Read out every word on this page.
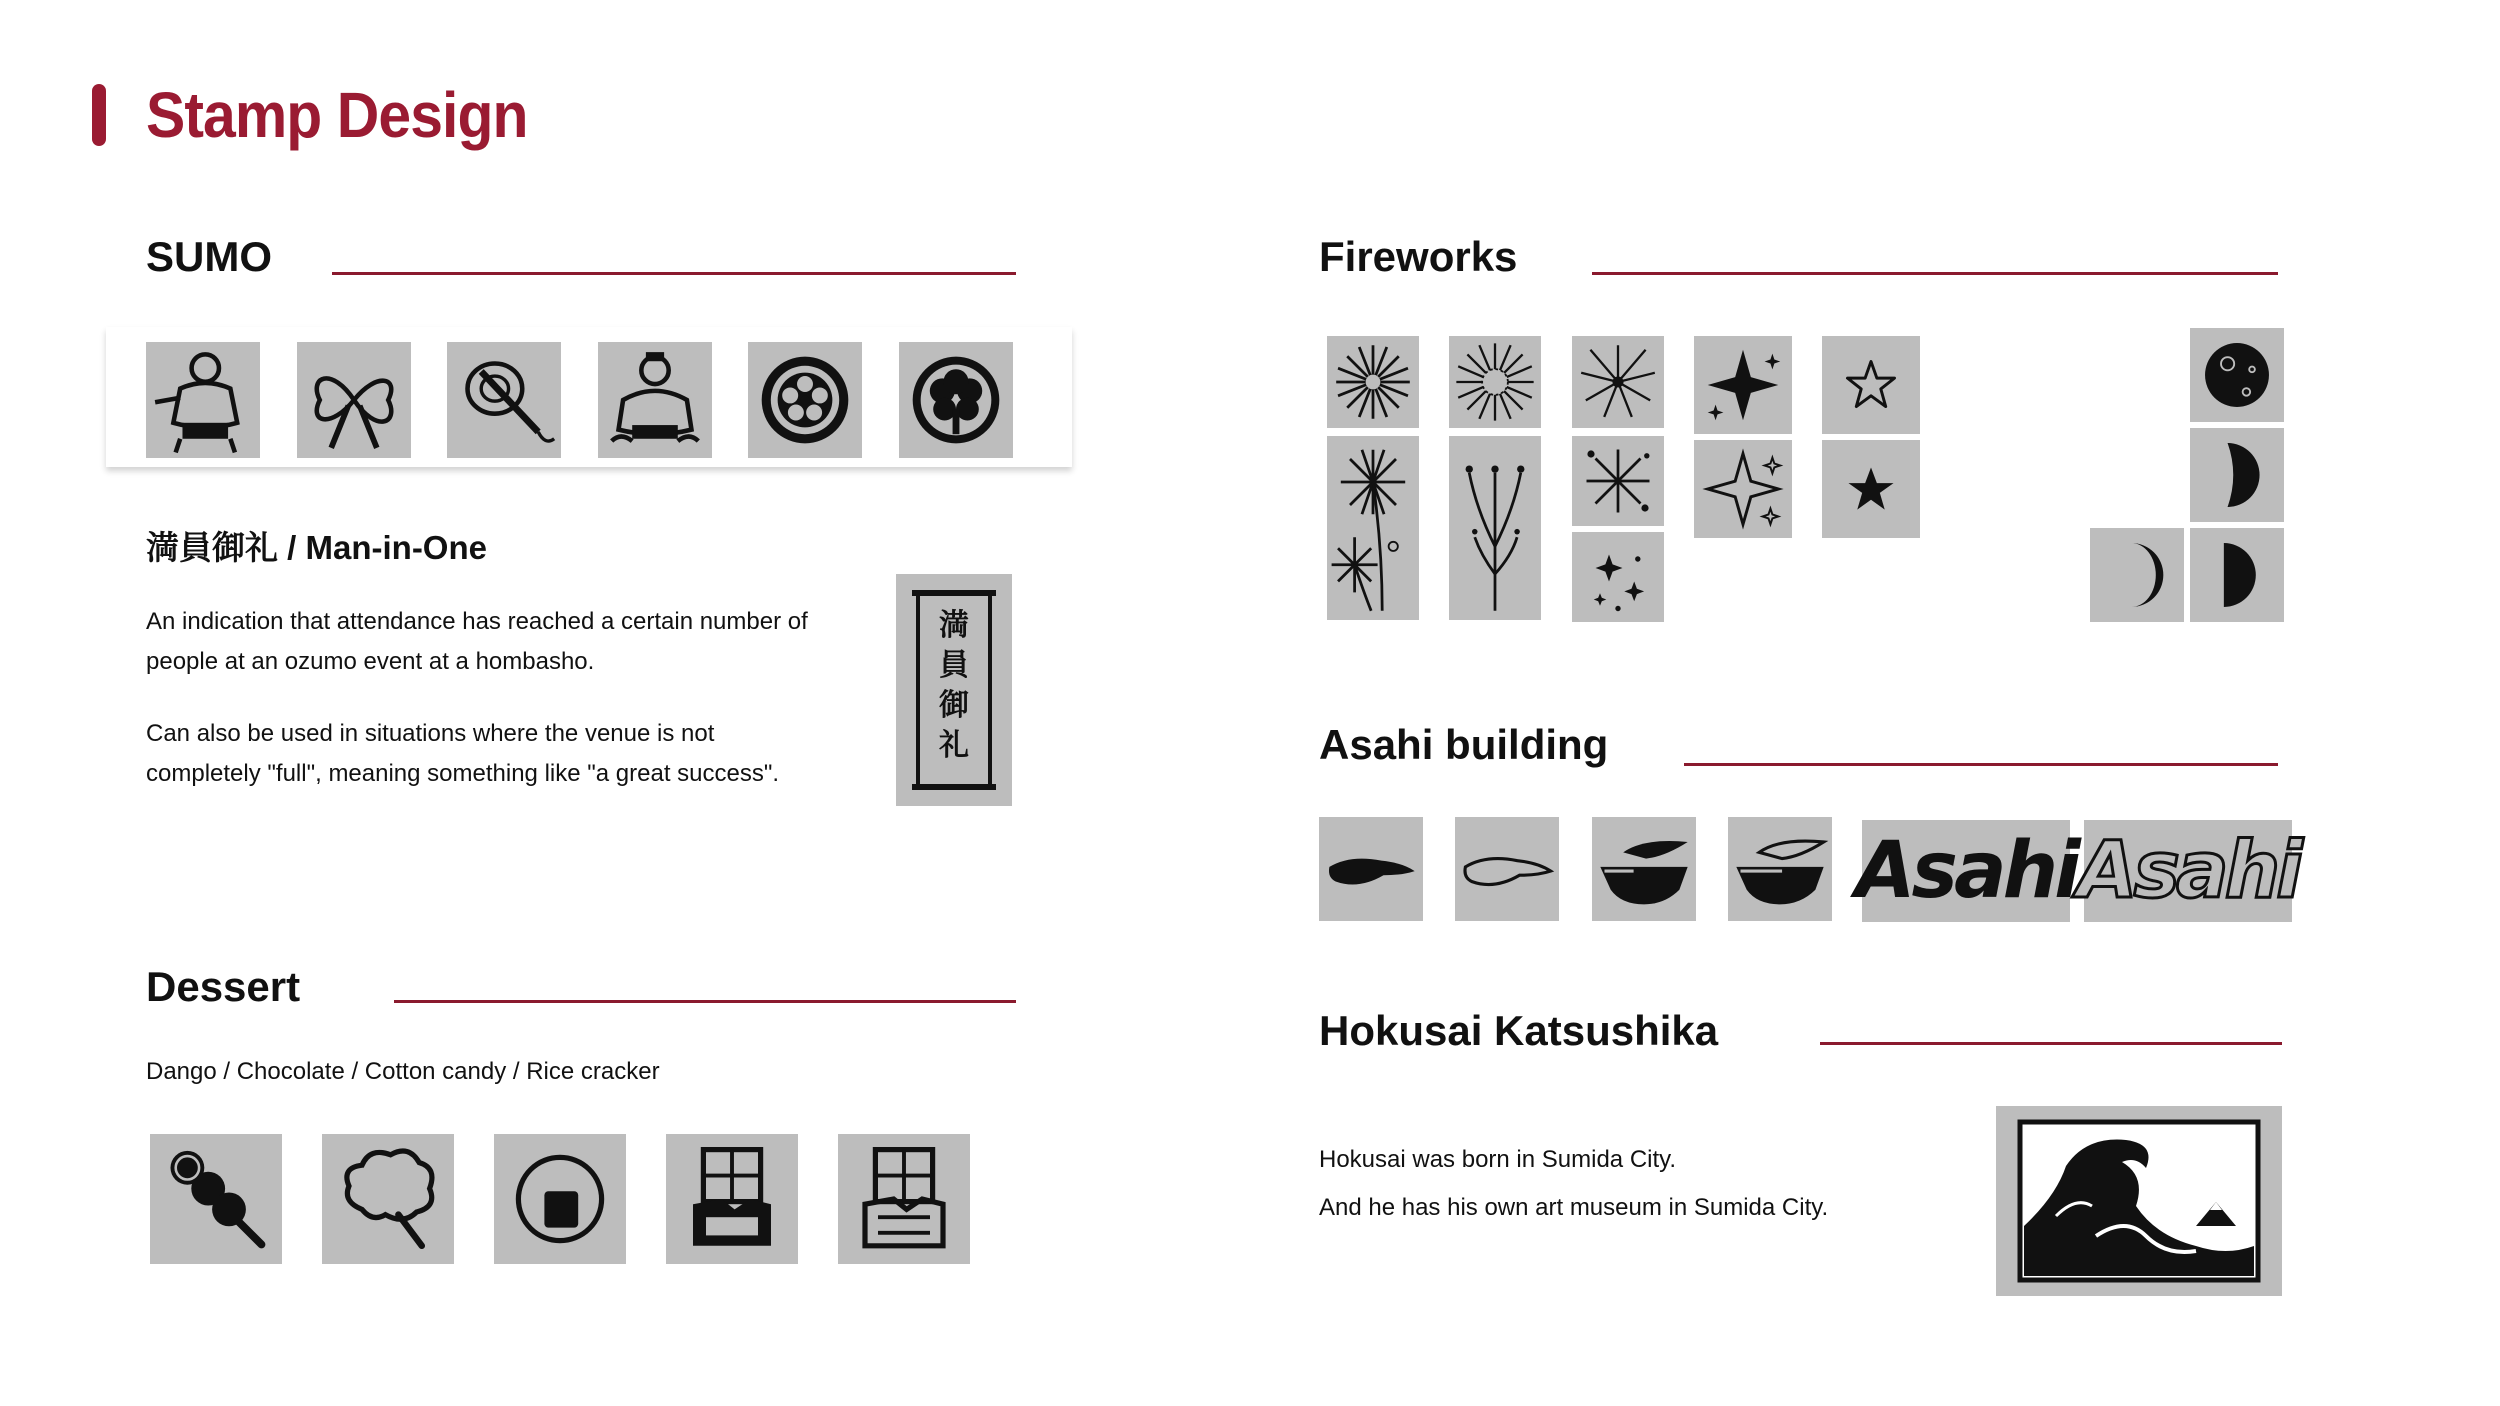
Stamp Design
SUMO
満員御礼 / Man-in-One
An indication that attendance has reached a certain number of
people at an ozumo event at a hombasho.
Can also be used in situations where the venue is not
completely "full", meaning something like "a great success".
満
員
御
礼
Dessert
Dango / Chocolate / Cotton candy / Rice cracker
Fireworks
Asahi building
Asahi Asahi
Hokusai Katsushika
Hokusai was born in Sumida City.
And he has his own art museum in Sumida City.
